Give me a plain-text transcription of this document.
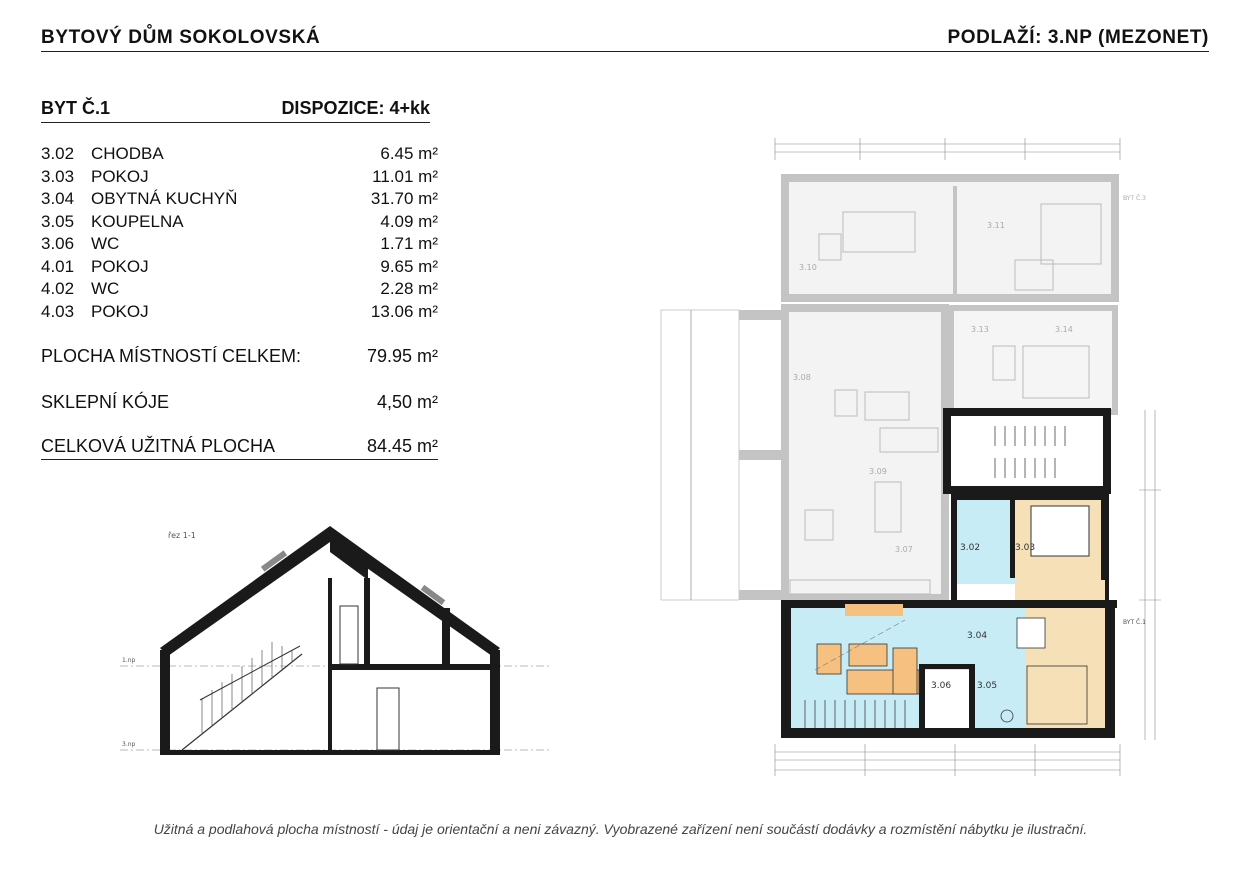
BYTOVÝ DŮM SOKOLOVSKÁ	PODLAŽÍ: 3.NP (MEZONET)
BYT Č.1	DISPOZICE: 4+kk
3.02 CHODBA	6.45 m²
3.03 POKOJ	11.01 m²
3.04 OBYTNÁ KUCHYŇ	31.70 m²
3.05 KOUPELNA	4.09 m²
3.06 WC	1.71 m²
4.01 POKOJ	9.65 m²
4.02 WC	2.28 m²
4.03 POKOJ	13.06 m²
PLOCHA MÍSTNOSTÍ CELKEM:	79.95 m²
SKLEPNÍ KÓJE	4,50 m²
CELKOVÁ UŽITNÁ PLOCHA	84.45 m²
řez 1-1
1.np
3.np
3.02	3.03
3.04
3.05
3.06
3.07
3.08
3.09
3.10
3.11
3.13	3.14
BYT Č.1
BYT Č.3
Užitná a podlahová plocha místností - údaj je orientační a neni závazný. Vyobrazené zařízení není součástí dodávky a rozmístění nábytku je ilustrační.
